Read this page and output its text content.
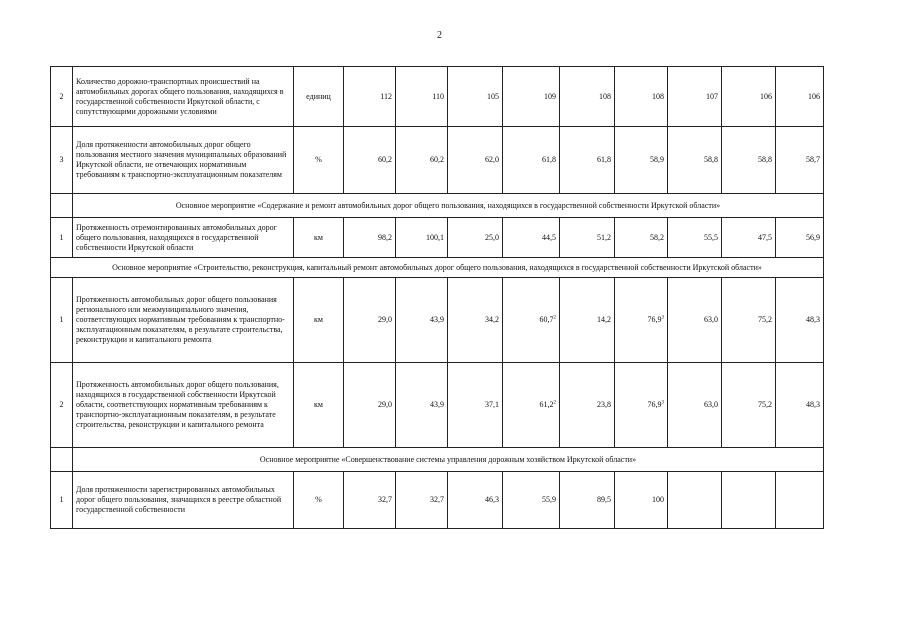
2
2	Количество дорожно-транспортных происшествий на автомобильных дорогах общего пользования, находящихся в государственной собственности Иркутской области, с сопутствующими дорожными условиями	единиц	112	110	105	109	108	108	107	106	106
3	Доля протяженности автомобильных дорог общего пользования местного значения муниципальных образований Иркутской области, не отвечающих нормативным требованиям к транспортно-эксплуатационным показателям	%	60,2	60,2	62,0	61,8	61,8	58,9	58,8	58,8	58,7
	Основное мероприятие «Содержание и ремонт автомобильных дорог общего пользования, находящихся в государственной собственности Иркутской области»										
1	Протяженность отремонтированных автомобильных дорог общего пользования, находящихся в государственной собственности Иркутской области	км	98,2	100,1	25,0	44,5	51,2	58,2	55,5	47,5	56,9
Основное мероприятие «Строительство, реконструкция, капитальный ремонт автомобильных дорог общего пользования, находящихся в государственной собственности Иркутской области»											
1	Протяженность автомобильных дорог общего пользования регионального или межмуниципального значения, соответствующих нормативным требованиям к транспортно-эксплуатационным показателям, в результате строительства, реконструкции и капитального ремонта	км	29,0	43,9	34,2	60,7$^2$	14,2	76,9$^3$	63,0	75,2	48,3
2	Протяженность автомобильных дорог общего пользования, находящихся в государственной собственности Иркутской области, соответствующих нормативным требованиям к транспортно-эксплуатационным показателям, в результате строительства, реконструкции и капитального ремонта	км	29,0	43,9	37,1	61,2$^2$	23,8	76,9$^3$	63,0	75,2	48,3
	Основное мероприятие «Совершенствование системы управления дорожным хозяйством Иркутской области»										
1	Доля протяженности зарегистрированных автомобильных дорог общего пользования, значащихся в реестре областной государственной собственности	%	32,7	32,7	46,3	55,9	89,5	100			
